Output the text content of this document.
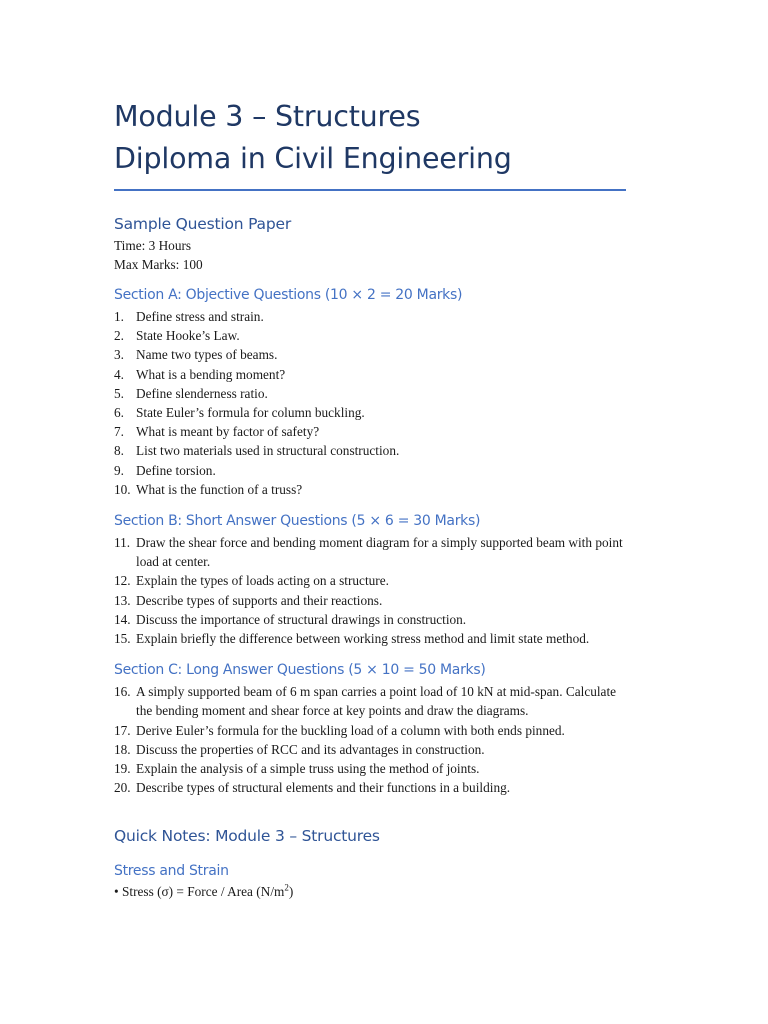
Module 3 – Structures
Diploma in Civil Engineering
Sample Question Paper
Time: 3 Hours
Max Marks: 100
Section A: Objective Questions (10 × 2 = 20 Marks)
1. Define stress and strain.
2. State Hooke’s Law.
3. Name two types of beams.
4. What is a bending moment?
5. Define slenderness ratio.
6. State Euler’s formula for column buckling.
7. What is meant by factor of safety?
8. List two materials used in structural construction.
9. Define torsion.
10. What is the function of a truss?
Section B: Short Answer Questions (5 × 6 = 30 Marks)
11. Draw the shear force and bending moment diagram for a simply supported beam with point load at center.
12. Explain the types of loads acting on a structure.
13. Describe types of supports and their reactions.
14. Discuss the importance of structural drawings in construction.
15. Explain briefly the difference between working stress method and limit state method.
Section C: Long Answer Questions (5 × 10 = 50 Marks)
16. A simply supported beam of 6 m span carries a point load of 10 kN at mid-span. Calculate the bending moment and shear force at key points and draw the diagrams.
17. Derive Euler’s formula for the buckling load of a column with both ends pinned.
18. Discuss the properties of RCC and its advantages in construction.
19. Explain the analysis of a simple truss using the method of joints.
20. Describe types of structural elements and their functions in a building.
Quick Notes: Module 3 – Structures
Stress and Strain
• Stress (σ) = Force / Area $(N/m^2)$
